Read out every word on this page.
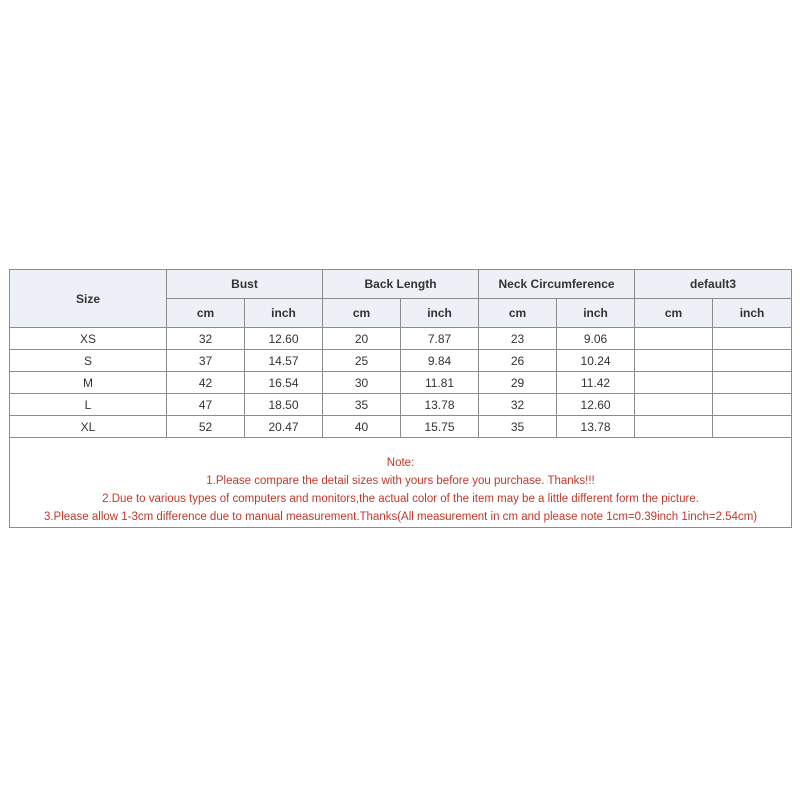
Size	Bust		Back Length		Neck Circumference		default3	
	cm	inch	cm	inch	cm	inch	cm	inch
XS	32	12.60	20	7.87	23	9.06		
S	37	14.57	25	9.84	26	10.24		
M	42	16.54	30	11.81	29	11.42		
L	47	18.50	35	13.78	32	12.60		
XL	52	20.47	40	15.75	35	13.78		

Note:
1.Please compare the detail sizes with yours before you purchase. Thanks!!!
2.Due to various types of computers and monitors,the actual color of the item may be a little different form the picture.
3.Please allow 1-3cm difference due to manual measurement.Thanks(All measurement in cm and please note 1cm=0.39inch 1inch=2.54cm)								
